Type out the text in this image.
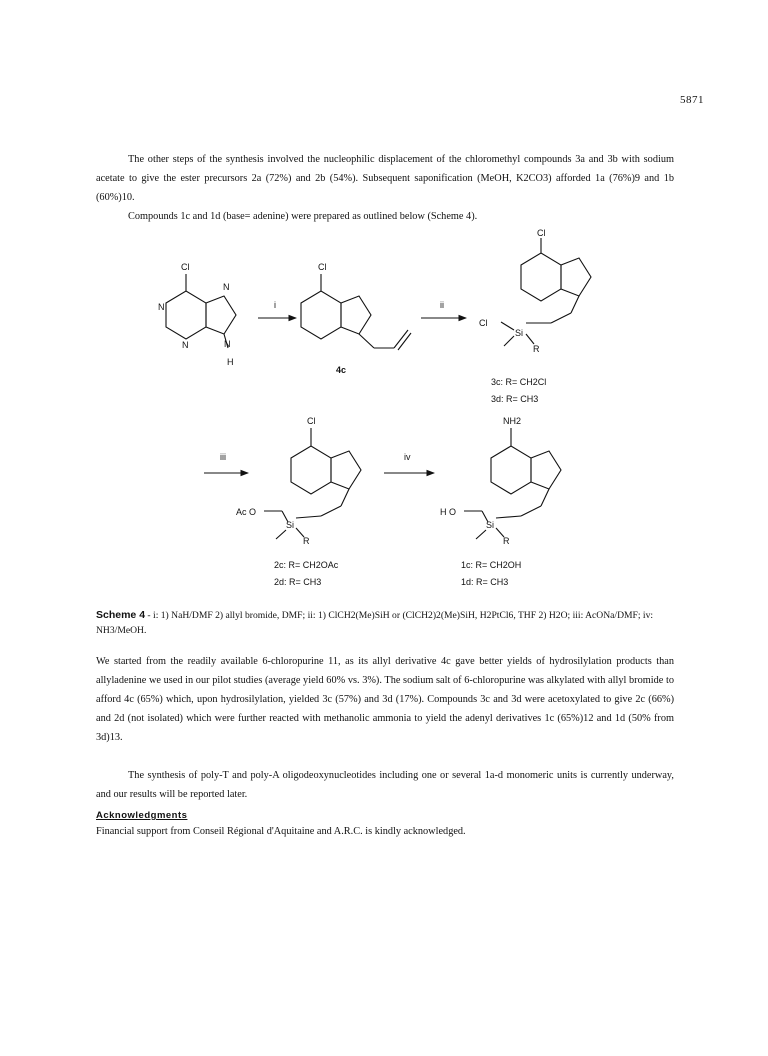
5871
The other steps of the synthesis involved the nucleophilic displacement of the chloromethyl compounds 3a and 3b with sodium acetate to give the ester precursors 2a (72%) and 2b (54%). Subsequent saponification (MeOH, K2CO3) afforded 1a (76%)9 and 1b (60%)10.
Compounds 1c and 1d (base= adenine) were prepared as outlined below (Scheme 4).
Cl
N
N
N	N
H
i
Cl
4c
ii
Cl
Cl
Si
R
3c: R= CH2Cl
3d: R= CH3
iii
Cl
Ac O
Si
R
2c: R= CH2OAc
2d: R= CH3
iv
NH2
H O
Si
R
1c: R= CH2OH
1d: R= CH3
Scheme 4 - i: 1) NaH/DMF 2) allyl bromide, DMF; ii: 1) ClCH2(Me)SiH or (ClCH2)2(Me)SiH, H2PtCl6, THF 2) H2O; iii: AcONa/DMF; iv: NH3/MeOH.
We started from the readily available 6-chloropurine 11, as its allyl derivative 4c gave better yields of hydrosilylation products than allyladenine we used in our pilot studies (average yield 60% vs. 3%). The sodium salt of 6-chloropurine was alkylated with allyl bromide to afford 4c (65%) which, upon hydrosilylation, yielded 3c (57%) and 3d (17%). Compounds 3c and 3d were acetoxylated to give 2c (66%) and 2d (not isolated) which were further reacted with methanolic ammonia to yield the adenyl derivatives 1c (65%)12 and 1d (50% from 3d)13.
The synthesis of poly-T and poly-A oligodeoxynucleotides including one or several 1a-d monomeric units is currently underway, and our results will be reported later.
Acknowledgments
Financial support from Conseil Régional d'Aquitaine and A.R.C. is kindly acknowledged.
